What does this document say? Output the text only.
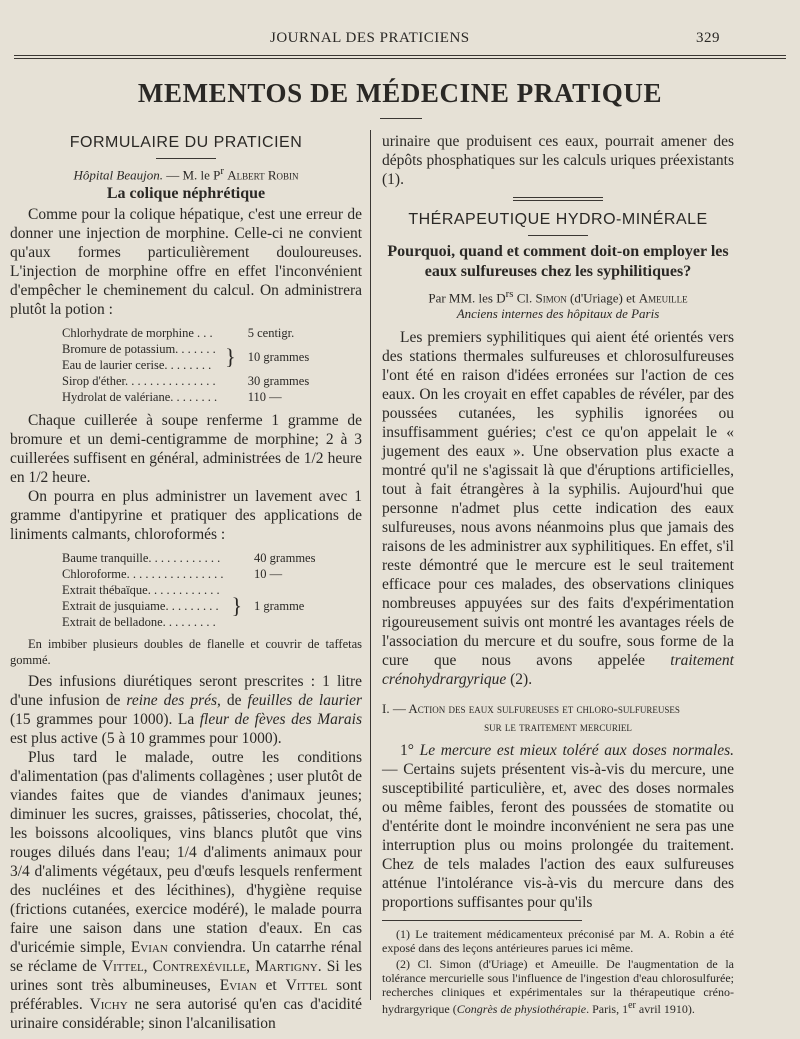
JOURNAL DES PRATICIENS	329
MEMENTOS DE MÉDECINE PRATIQUE
FORMULAIRE DU PRATICIEN
Hôpital Beaujon. — M. le $P^r$ Albert Robin
La colique néphrétique

Comme pour la colique hépatique, c'est une erreur de donner une injection de morphine. Celle-ci ne convient qu'aux formes particulièrement douloureuses. L'injection de morphine offre en effet l'inconvénient d'empêcher le cheminement du calcul. On administrera plutôt la potion :

Chlorhydrate de morphine . . .		5 centigr.
Bromure de potassium. . . . . . .	}	10 grammes
Eau de laurier cerise. . . . . . . .		
Sirop d'éther. . . . . . . . . . . . . . .		30 grammes
Hydrolat de valériane. . . . . . . .		110 —

Chaque cuillerée à soupe renferme 1 gramme de bromure et un demi-centigramme de morphine; 2 à 3 cuillerées suffisent en général, administrées de 1/2 heure en 1/2 heure.

On pourra en plus administrer un lavement avec 1 gramme d'antipyrine et pratiquer des applications de liniments calmants, chloroformés :

Baume tranquille. . . . . . . . . . . .		40 grammes
Chloroforme. . . . . . . . . . . . . . . .		10 —
Extrait thébaïque. . . . . . . . . . . .	}	1 gramme
Extrait de jusquiame. . . . . . . . .		
Extrait de belladone. . . . . . . . .		
En imbiber plusieurs doubles de flanelle et couvrir de taffetas gommé.

Des infusions diurétiques seront prescrites : 1 litre d'une infusion de reine des prés, de feuilles de laurier (15 grammes pour 1000). La fleur de fèves des Marais est plus active (5 à 10 grammes pour 1000).

Plus tard le malade, outre les conditions d'alimentation (pas d'aliments collagènes ; user plutôt de viandes faites que de viandes d'animaux jeunes; diminuer les sucres, graisses, pâtisseries, chocolat, thé, les boissons alcooliques, vins blancs plutôt que vins rouges dilués dans l'eau; 1/4 d'aliments animaux pour 3/4 d'aliments végétaux, peu d'œufs lesquels renferment des nucléines et des lécithines), d'hygiène requise (frictions cutanées, exercice modéré), le malade pourra faire une saison dans une station d'eaux. En cas d'uricémie simple, Evian conviendra. Un catarrhe rénal se réclame de Vittel, Contrexéville, Martigny. Si les urines sont très albumineuses, Evian et Vittel sont préférables. Vichy ne sera autorisé qu'en cas d'acidité urinaire considérable; sinon l'alcanilisation

urinaire que produisent ces eaux, pourrait amener des dépôts phosphatiques sur les calculs uriques préexistants (1).

THÉRAPEUTIQUE HYDRO-MINÉRALE
Pourquoi, quand et comment doit-on employer les eaux sulfureuses chez les syphilitiques?
Par MM. les $D^{rs}$ Cl. Simon (d'Uriage) et Ameuille
Anciens internes des hôpitaux de Paris

Les premiers syphilitiques qui aient été orientés vers des stations thermales sulfureuses et chlorosulfureuses l'ont été en raison d'idées erronées sur l'action de ces eaux. On les croyait en effet capables de révéler, par des poussées cutanées, les syphilis ignorées ou insuffisamment guéries; c'est ce qu'on appelait le « jugement des eaux ». Une observation plus exacte a montré qu'il ne s'agissait là que d'éruptions artificielles, tout à fait étrangères à la syphilis. Aujourd'hui que personne n'admet plus cette indication des eaux sulfureuses, nous avons néanmoins plus que jamais des raisons de les administrer aux syphilitiques. En effet, s'il reste démontré que le mercure est le seul traitement efficace pour ces malades, des observations cliniques nombreuses appuyées sur des faits d'expérimentation rigoureusement suivis ont montré les avantages réels de l'association du mercure et du soufre, sous forme de la cure que nous avons appelée traitement crénohydrargyrique (2).

I. — Action des eaux sulfureuses et chloro-sulfureuses
sur le traitement mercuriel

1° Le mercure est mieux toléré aux doses normales. — Certains sujets présentent vis-à-vis du mercure, une susceptibilité particulière, et, avec des doses normales ou même faibles, feront des poussées de stomatite ou d'entérite dont le moindre inconvénient ne sera pas une interruption plus ou moins prolongée du traitement. Chez de tels malades l'action des eaux sulfureuses atténue l'intolérance vis-à-vis du mercure dans des proportions suffisantes pour qu'ils

(1) Le traitement médicamenteux préconisé par M. A. Robin a été exposé dans des leçons antérieures parues ici même.
(2) Cl. Simon (d'Uriage) et Ameuille. De l'augmentation de la tolérance mercurielle sous l'influence de l'ingestion d'eau chlorosulfurée; recherches cliniques et expérimentales sur la thérapeutique créno-hydrargyrique (Congrès de physiothérapie. Paris, 1er avril 1910).
